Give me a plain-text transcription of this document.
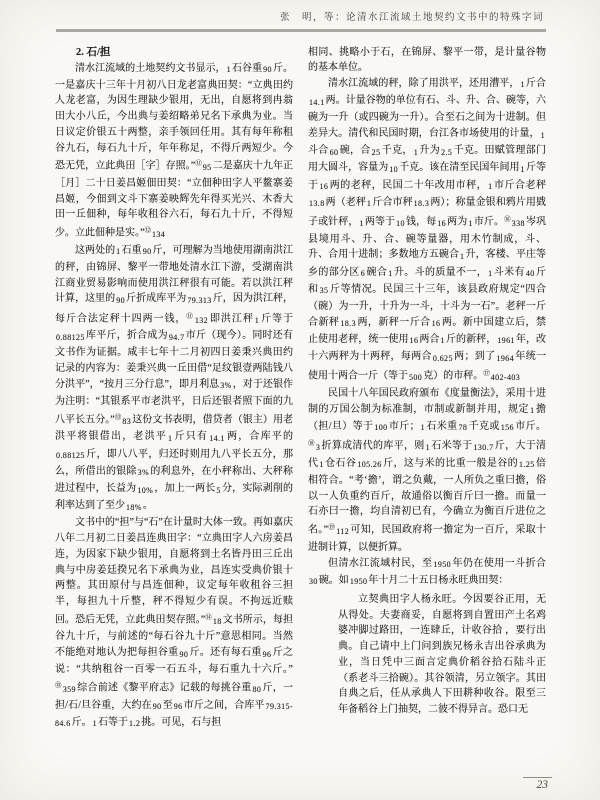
张　明，等：论清水江流域土地契约文书中的特殊字词
2. 石/担

清水江流域的土地契约文书显示，1石谷重90斤。一是嘉庆十三年十月初八日龙老富典田契：“立典田约人龙老富，为因生理缺少银用，无出，自愿将到冉翁田大小八丘，今出典与姜绍略弟兄名下承典为业。当日议定价银五十两整，亲手领回任用。其有每年称租谷九石，每石九十斤，年年称足，不得斤两短少。今恐无凭，立此典田［字］存照。”⑪95二是嘉庆十九年正［月］二十日姜昌姬佃田契：“立佃种田字人平鳌寨姜昌姬，今佃到文斗下寨姜映辉先年得买光兴、木香大田一丘佃种，每年收租谷六石，每石九十斤，不得短少。立此佃种是实。”⑫134

这两处的1石重90斤，可理解为当地使用湖南洪江的秤，由锦屏、黎平一带地处清水江下游，受湖南洪江商业贸易影响而使用洪江秤很有可能。若以洪江秤计算，这里的90斤折成库平为79.313斤，因为洪江秤，每斤合法定秤十四两一钱，⑪132即洪江秤1斤等于0.88125库平斤，折合成为94.7市斤（现今）。同时还有文书作为证据。咸丰七年十二月初四日姜秉兴典田约记录的内容为：姜秉兴典一丘田借“足纹银壹两陆钱八分洪平”，“按月三分行息”，即月利息3%，对于还银作为注明：“其银系平市老洪平，日后还银者照下面的九八平长五分。”⑬83这份文书表明，借贷者（银主）用老洪平将银借出，老洪平1斤只有14.1两，合库平的0.88125斤，即八八平，归还时则用九八平长五分，那么，所借出的银除3%的利息外，在小秤称出、大秤称进过程中，长益为10%，加上一两长5分，实际剥削的利率达到了至少18%。

文书中的“担”与“石”在计量时大体一致。再如嘉庆八年二月初二日姜昌连典田字：“立典田字人六房姜昌连，为因家下缺少银用，自愿将到土名皆丹田三丘出典与中房姜廷揆兄名下承典为业，昌连实受典价银十两整。其田原付与昌连佃种，议定每年收租谷三担半，每担九十斤整，秤不得短少有误。不拘远近赎回。恐后无凭，立此典田契存照。”⑭18文书所示，每担谷九十斤，与前述的“每石谷九十斤”意思相同。当然不能绝对地认为把每担谷重90斤。还有每石重96斤之说：“共纳租谷一百零一石五斗，每石重九十六斤。”⑮359综合前述《黎平府志》记载的每挑谷重80斤，一担/石/旦谷重，大约在90至96市斤之间，合库平79.315-84.6斤。1石等于1.2挑。可见，石与担

相同、挑略小于石，在锦屏、黎平一带，是计量谷物的基本单位。

清水江流域的秤，除了用洪平，还用漕平，1斤合14.1两。计量谷物的单位有石、斗、升、合、碗等，六碗为一升（或四碗为一升）。合至石之间为十进制。但差异大。清代和民国时期，台江各市场使用的计量，1斗合60碗，合25千克，1升为2.5千克。田赋管理部门用大圆斗，容量为10千克。该在清至民国年间用1斤等于16两的老秤，民国二十年改用市秤，1市斤合老秤13.8两（老秤1斤合市秤18.3两）；称量金银和鸦片用戥子或针秤，1两等于10钱，每16两为1市斤。⑯338岑巩县境用斗、升、合、碗等量器，用木竹制成，斗、升、合用十进制；多数地方五碗合1升，客楼、平庄等乡的部分区6碗合1升。斗的质量不一，1斗米有40斤和35斤等情况。民国三十三年，该县政府规定“四合（碗）为一升，十升为一斗，十斗为一石”。老秤一斤合新秤18.3两，新秤一斤合16两。新中国建立后，禁止使用老秤，统一使用16两合1斤的新秤，1961年，改十六两秤为十两秤，每两合0.625两；到了1964年统一使用十两合一斤（等于500克）的市秤。⑰402-403

民国十八年国民政府颁布《度量衡法》，采用十进制的万国公制为标准制，市制或新制并用，规定1擔（担/旦）等于100市斤；1石米重78千克或156市斤。⑱3折算成清代的库平，则1石米等于130.7斤，大于清代1仓石谷105.26斤，这与米的比重一般是谷的1.25倍相符合。“考‘擔’，谓之负戴，一人所负之重曰擔，俗以一人负重约百斤，故通俗以衡百斤曰一擔。而量一石亦曰一擔，均自清初已有，今确立为衡百斤进位之名。”⑲112可知，民国政府将一擔定为一百斤，采取十进制计算，以便折算。

但清水江流域村民，至1950年仍在使用一斗折合30碗。如1950年十月二十五日杨永旺典田契：

立契典田字人杨永旺。今因要谷正用，无从得处。夫妻商妥，自愿将到自置田产土名鸡婆冲脚过路田，一连肆丘，计收谷拾 ，要行出典。自己请中上门问到族兄杨永吉出谷承典为业，当日凭中三面言定典价稻谷拾石陆斗正（系老斗三拾碗）。其谷领清，另立领字。其田自典之后，任从承典人下田耕种收谷。限至三年备稻谷上门抽契，二彼不得异言。恐口无
23
